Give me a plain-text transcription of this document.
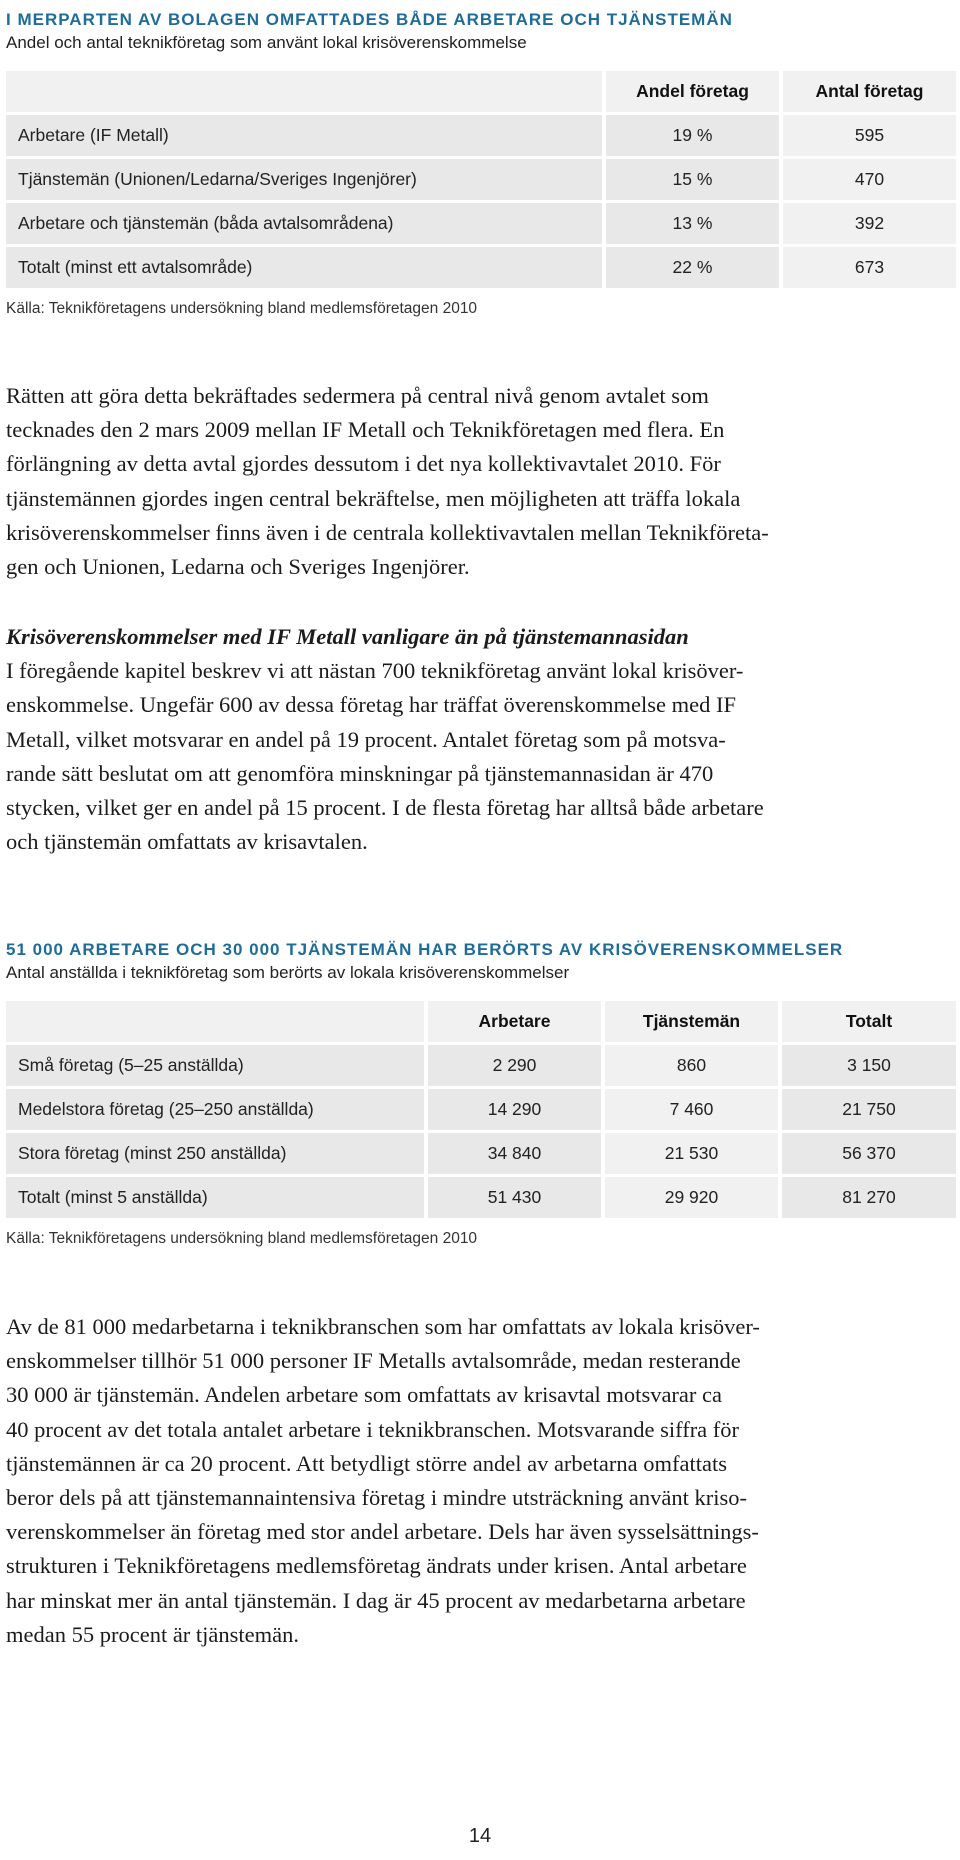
I MERPARTEN AV BOLAGEN OMFATTADES BÅDE ARBETARE OCH TJÄNSTEMÄN
Andel och antal teknikföretag som använt lokal krisöverenskommelse
	Andel företag	Antal företag
Arbetare (IF Metall)	19 %	595
Tjänstemän (Unionen/Ledarna/Sveriges Ingenjörer)	15 %	470
Arbetare och tjänstemän (båda avtalsområdena)	13 %	392
Totalt (minst ett avtalsområde)	22 %	673
Källa: Teknikföretagens undersökning bland medlemsföretagen 2010

Rätten att göra detta bekräftades sedermera på central nivå genom avtalet som

tecknades den 2 mars 2009 mellan IF Metall och Teknikföretagen med flera. En

förlängning av detta avtal gjordes dessutom i det nya kollektivavtalet 2010. För

tjänstemännen gjordes ingen central bekräftelse, men möjligheten att träffa lokala

krisöverenskommelser finns även i de centrala kollektivavtalen mellan Teknikföreta-

gen och Unionen, Ledarna och Sveriges Ingenjörer.

Krisöverenskommelser med IF Metall vanligare än på tjänstemannasidan

I föregående kapitel beskrev vi att nästan 700 teknikföretag använt lokal krisöver-

enskommelse. Ungefär 600 av dessa företag har träffat överenskommelse med IF

Metall, vilket motsvarar en andel på 19 procent. Antalet företag som på motsva-

rande sätt beslutat om att genomföra minskningar på tjänstemannasidan är 470

stycken, vilket ger en andel på 15 procent. I de flesta företag har alltså både arbetare

och tjänstemän omfattats av krisavtalen.

51 000 ARBETARE OCH 30 000 TJÄNSTEMÄN HAR BERÖRTS AV KRISÖVERENSKOMMELSER
Antal anställda i teknikföretag som berörts av lokala krisöverenskommelser
	Arbetare	Tjänstemän	Totalt
Små företag (5–25 anställda)	2 290	860	3 150
Medelstora företag (25–250 anställda)	14 290	7 460	21 750
Stora företag (minst 250 anställda)	34 840	21 530	56 370
Totalt (minst 5 anställda)	51 430	29 920	81 270
Källa: Teknikföretagens undersökning bland medlemsföretagen 2010

Av de 81 000 medarbetarna i teknikbranschen som har omfattats av lokala krisöver-

enskommelser tillhör 51 000 personer IF Metalls avtalsområde, medan resterande

30 000 är tjänstemän. Andelen arbetare som omfattats av krisavtal motsvarar ca

40 procent av det totala antalet arbetare i teknikbranschen. Motsvarande siffra för

tjänstemännen är ca 20 procent. Att betydligt större andel av arbetarna omfattats

beror dels på att tjänstemannaintensiva företag i mindre utsträckning använt kriso-

verenskommelser än företag med stor andel arbetare. Dels har även sysselsättnings-

strukturen i Teknikföretagens medlemsföretag ändrats under krisen. Antal arbetare

har minskat mer än antal tjänstemän. I dag är 45 procent av medarbetarna arbetare

medan 55 procent är tjänstemän.

14
